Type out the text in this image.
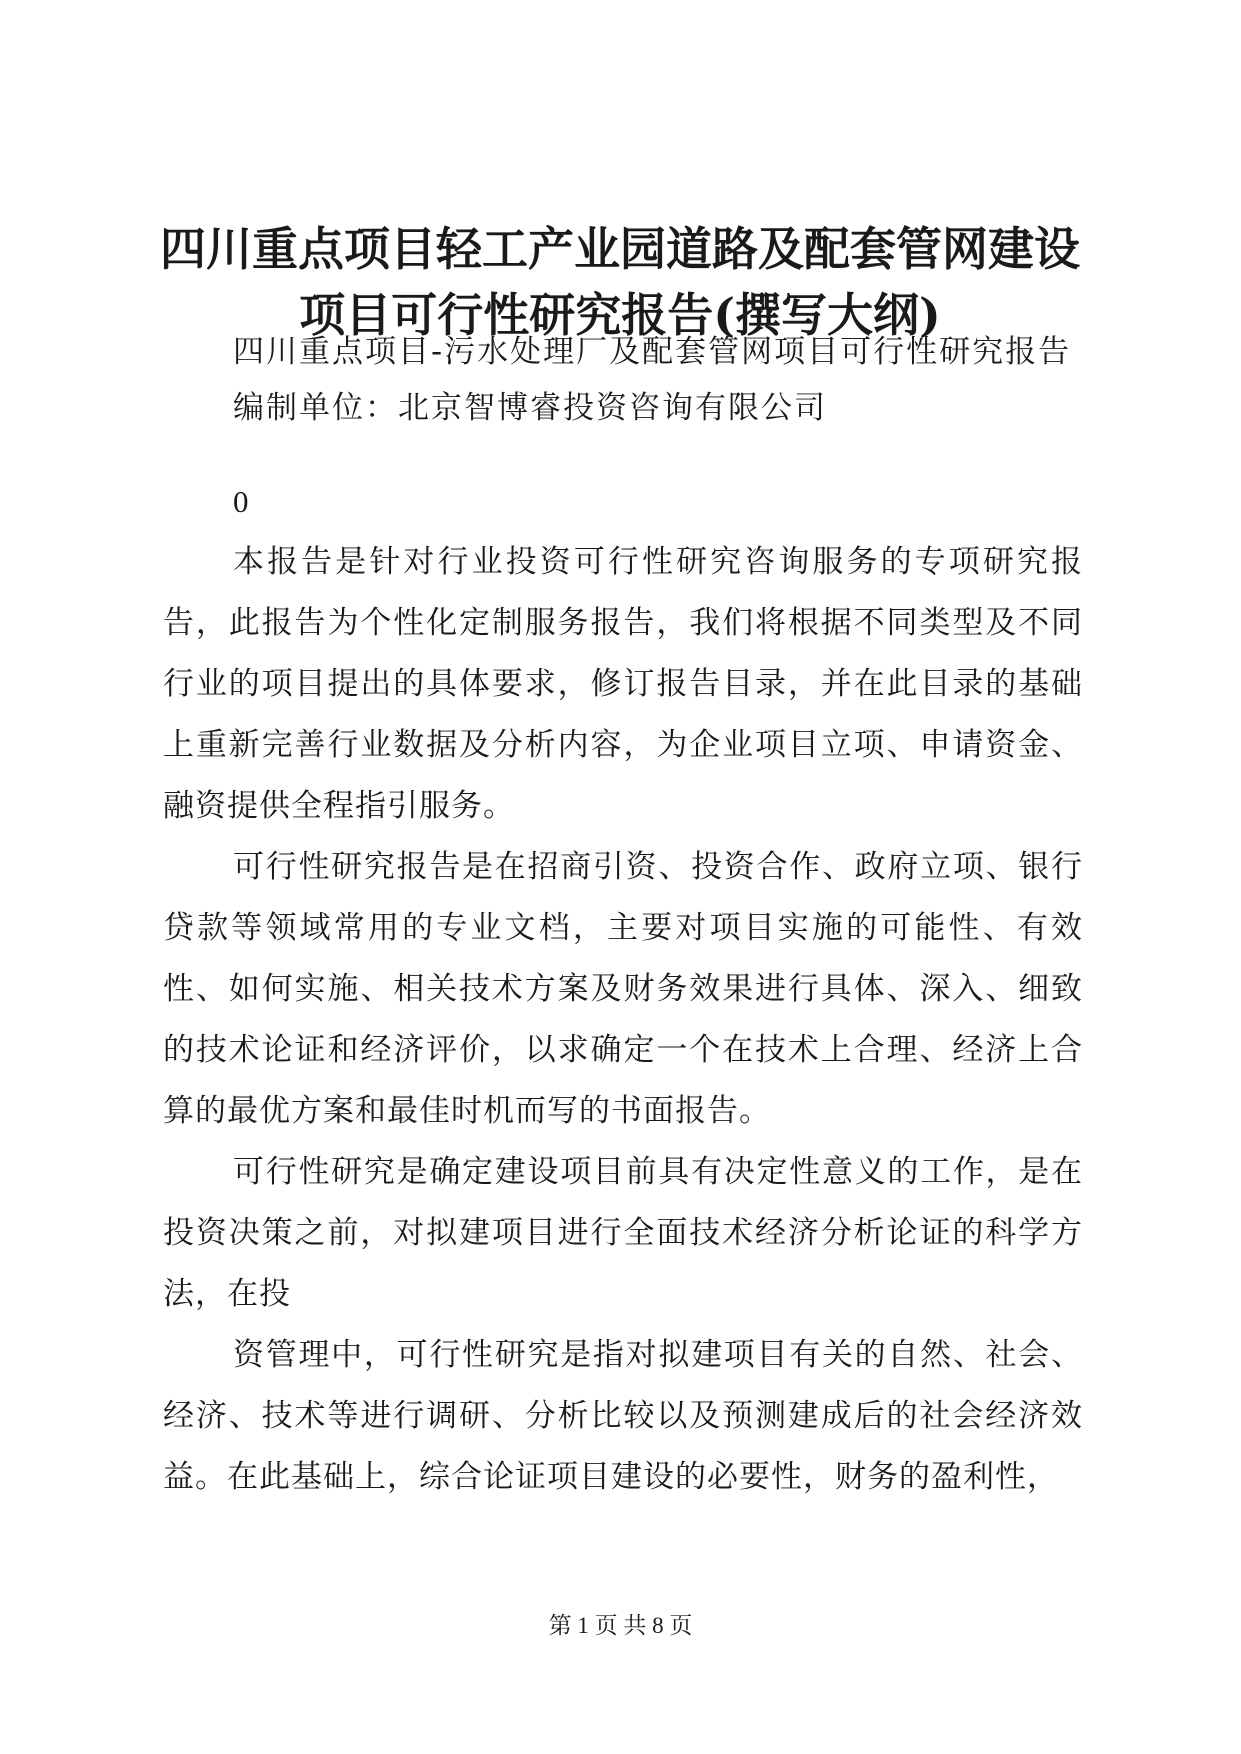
四川重点项目轻工产业园道路及配套管网建设
项目可行性研究报告(撰写大纲)
四川重点项目-污水处理厂及配套管网项目可行性研究报告
编制单位：北京智博睿投资咨询有限公司
0

本报告是针对行业投资可行性研究咨询服务的专项研究报告，此报告为个性化定制服务报告，我们将根据不同类型及不同行业的项目提出的具体要求，修订报告目录，并在此目录的基础上重新完善行业数据及分析内容，为企业项目立项、申请资金、融资提供全程指引服务。

可行性研究报告是在招商引资、投资合作、政府立项、银行贷款等领域常用的专业文档，主要对项目实施的可能性、有效性、如何实施、相关技术方案及财务效果进行具体、深入、细致的技术论证和经济评价，以求确定一个在技术上合理、经济上合算的最优方案和最佳时机而写的书面报告。

可行性研究是确定建设项目前具有决定性意义的工作，是在投资决策之前，对拟建项目进行全面技术经济分析论证的科学方法，在投

资管理中，可行性研究是指对拟建项目有关的自然、社会、经济、技术等进行调研、分析比较以及预测建成后的社会经济效益。在此基础上，综合论证项目建设的必要性，财务的盈利性，

第 1 页 共 8 页
